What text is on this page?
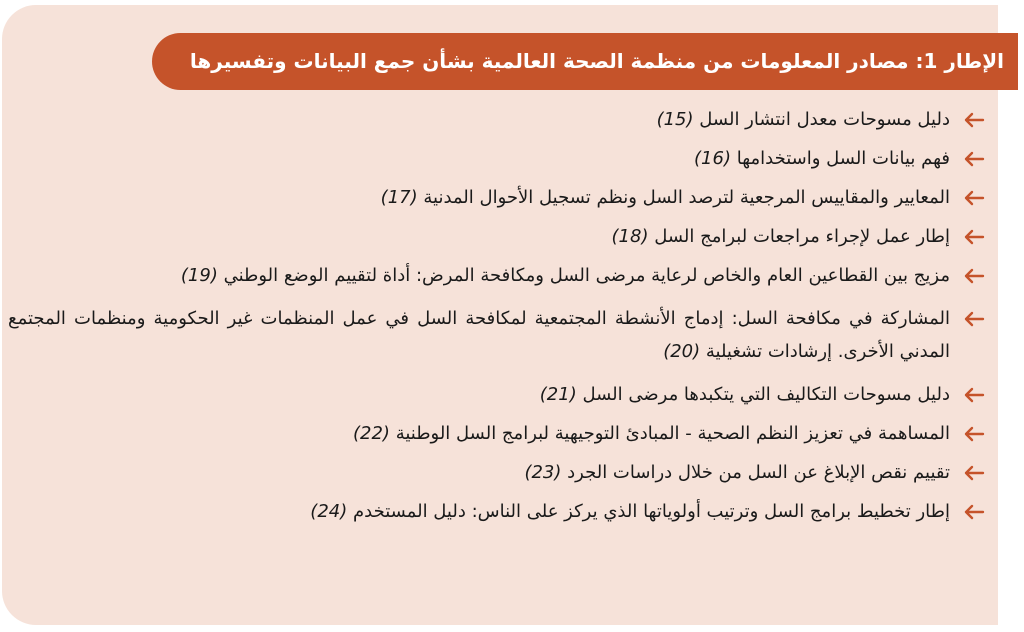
الإطار 1: مصادر المعلومات من منظمة الصحة العالمية بشأن جمع البيانات وتفسيرها
دليل مسوحات معدل انتشار السل (15)
فهم بيانات السل واستخدامها (16)
المعايير والمقاييس المرجعية لترصد السل ونظم تسجيل الأحوال المدنية (17)
إطار عمل لإجراء مراجعات لبرامج السل (18)
مزيج بين القطاعين العام والخاص لرعاية مرضى السل ومكافحة المرض: أداة لتقييم الوضع الوطني (19)
المشاركة في مكافحة السل: إدماج الأنشطة المجتمعية لمكافحة السل في عمل المنظمات غير الحكومية ومنظمات المجتمع المدني الأخرى. إرشادات تشغيلية (20)
دليل مسوحات التكاليف التي يتكبدها مرضى السل (21)
المساهمة في تعزيز النظم الصحية - المبادئ التوجيهية لبرامج السل الوطنية (22)
تقييم نقص الإبلاغ عن السل من خلال دراسات الجرد (23)
إطار تخطيط برامج السل وترتيب أولوياتها الذي يركز على الناس: دليل المستخدم (24)
